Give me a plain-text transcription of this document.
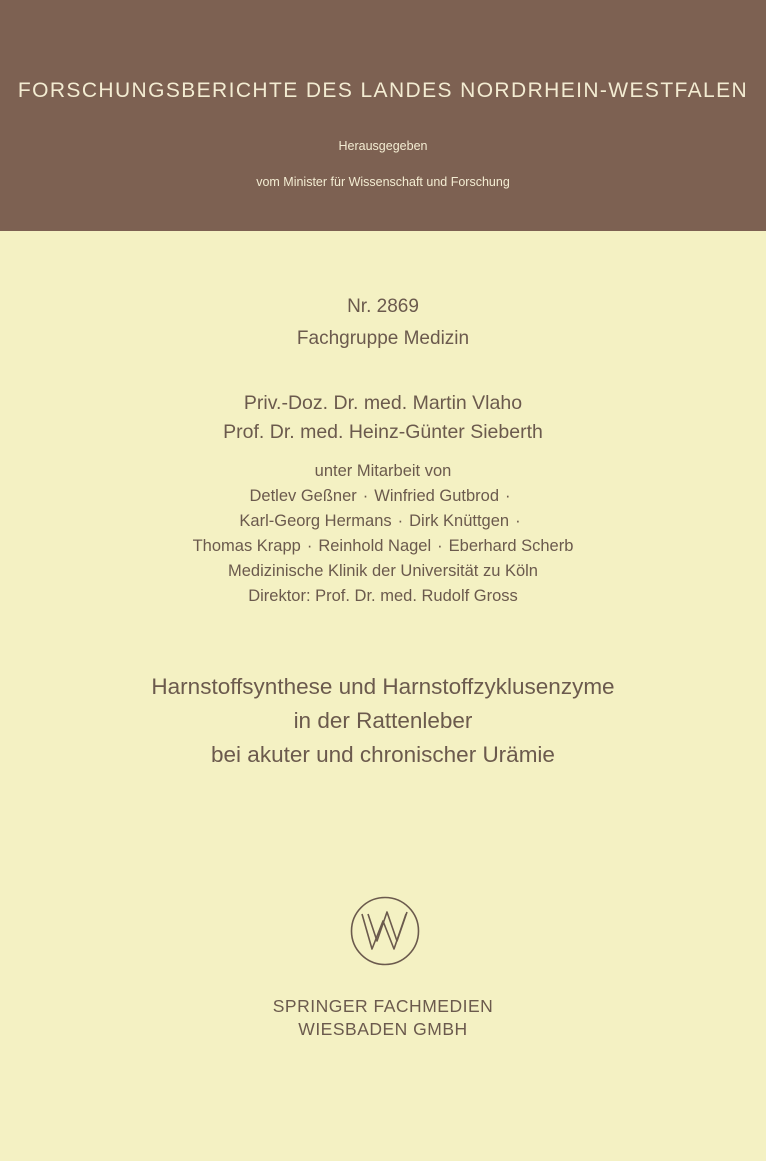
FORSCHUNGSBERICHTE DES LANDES NORDRHEIN-WESTFALEN
Herausgegeben
vom Minister für Wissenschaft und Forschung
Nr. 2869
Fachgruppe Medizin
Priv.-Doz. Dr. med. Martin Vlaho
Prof. Dr. med. Heinz-Günter Sieberth
unter Mitarbeit von
Detlev Geßner · Winfried Gutbrod ·
Karl-Georg Hermans · Dirk Knüttgen ·
Thomas Krapp · Reinhold Nagel · Eberhard Scherb
Medizinische Klinik der Universität zu Köln
Direktor: Prof. Dr. med. Rudolf Gross
Harnstoffsynthese und Harnstoffzyklusenzyme
in der Rattenleber
bei akuter und chronischer Urämie
SPRINGER FACHMEDIEN
WIESBADEN GMBH
